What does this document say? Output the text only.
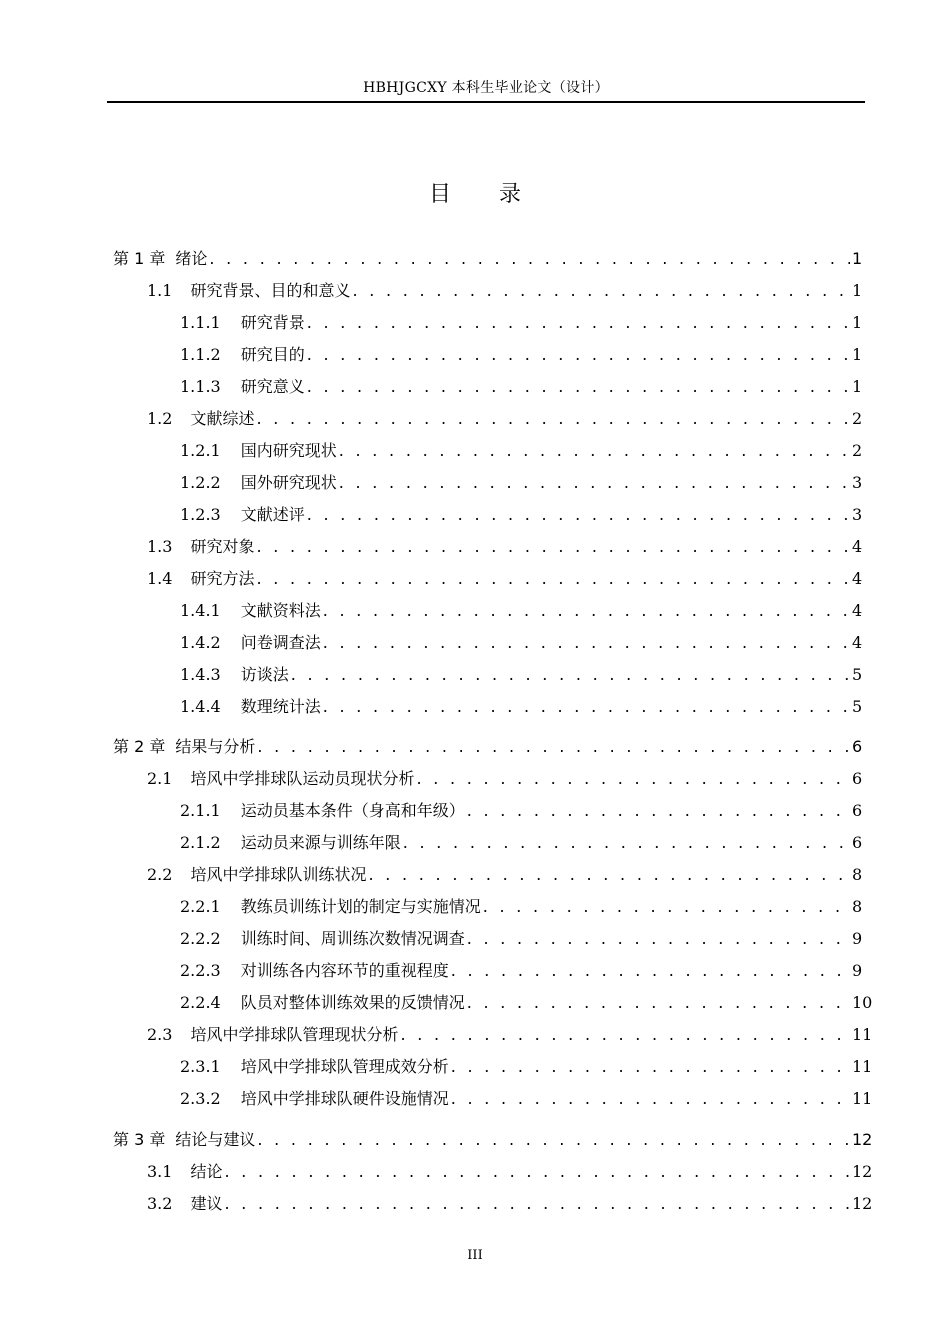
HBHJGCXY 本科生毕业论文（设计）
目录
第 1 章 绪论 . . .	1
1.1 研究背景、目的和意义 . . .	1
1.1.1 研究背景 . . .	1
1.1.2 研究目的 . . .	1
1.1.3 研究意义 . . .	1
1.2 文献综述 . . .	2
1.2.1 国内研究现状 . . .	2
1.2.2 国外研究现状 . . .	3
1.2.3 文献述评 . . .	3
1.3 研究对象 . . .	4
1.4 研究方法 . . .	4
1.4.1 文献资料法 . . .	4
1.4.2 问卷调查法 . . .	4
1.4.3 访谈法 . . .	5
1.4.4 数理统计法 . . .	5
第 2 章 结果与分析 . . .	6
2.1 培风中学排球队运动员现状分析 . . .	6
2.1.1 运动员基本条件（身高和年级） . . .	6
2.1.2 运动员来源与训练年限 . . .	6
2.2 培风中学排球队训练状况 . . .	8
2.2.1 教练员训练计划的制定与实施情况 . . .	8
2.2.2 训练时间、周训练次数情况调查 . . .	9
2.2.3 对训练各内容环节的重视程度 . . .	9
2.2.4 队员对整体训练效果的反馈情况 . . .	10
2.3 培风中学排球队管理现状分析 . . .	11
2.3.1 培风中学排球队管理成效分析 . . .	11
2.3.2 培风中学排球队硬件设施情况 . . .	11
第 3 章 结论与建议 . . .	12
3.1 结论 . . .	12
3.2 建议 . . .	12
III
